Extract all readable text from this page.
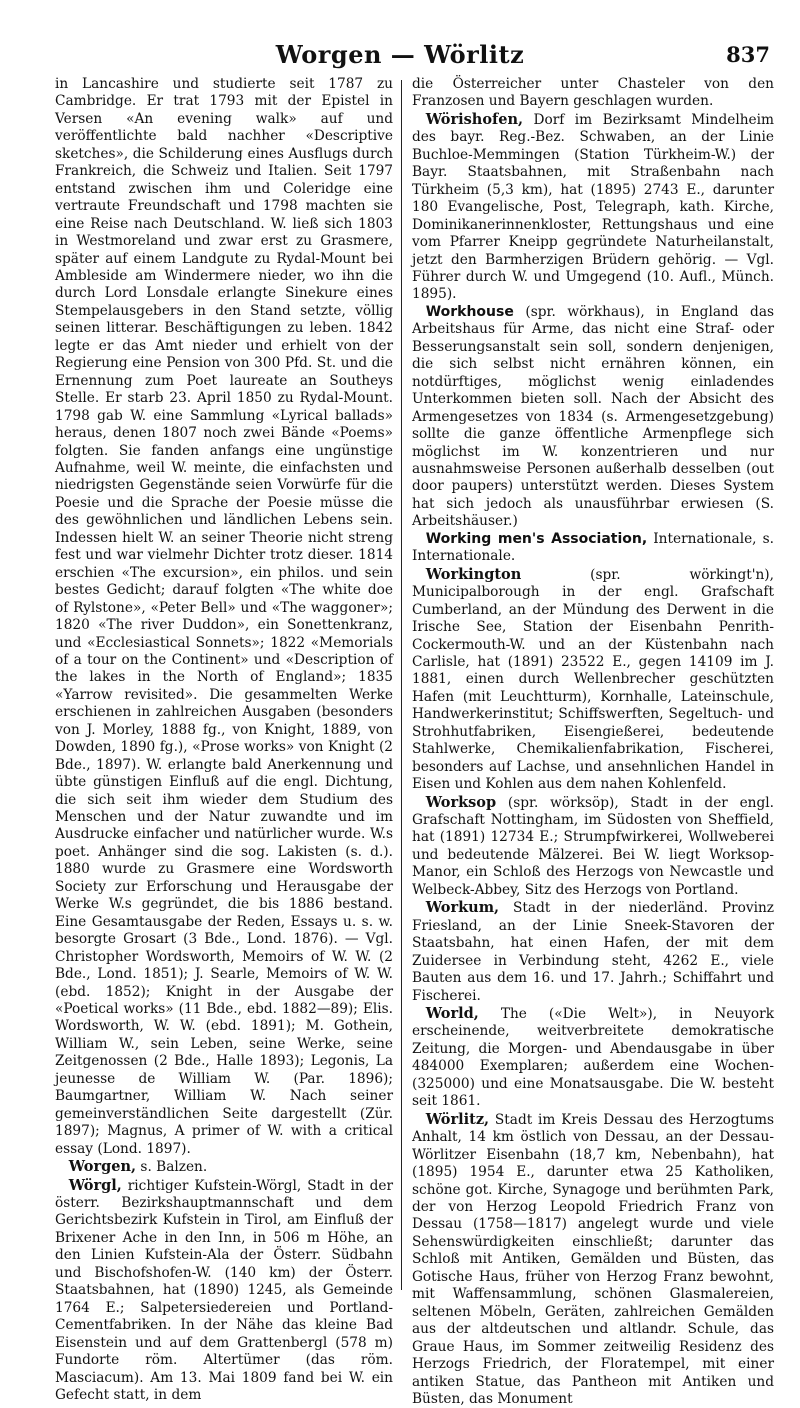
Worgen — Wörlitz	837

in Lancashire und studierte seit 1787 zu Cambridge. Er trat 1793 mit der Epistel in Versen «An evening walk» auf und veröffentlichte bald nachher «Descriptive sketches», die Schilderung eines Ausflugs durch Frankreich, die Schweiz und Italien. Seit 1797 entstand zwischen ihm und Coleridge eine vertraute Freundschaft und 1798 machten sie eine Reise nach Deutschland. W. ließ sich 1803 in Westmoreland und zwar erst zu Grasmere, später auf einem Landgute zu Rydal-Mount bei Ambleside am Windermere nieder, wo ihn die durch Lord Lonsdale erlangte Sinekure eines Stempelausgebers in den Stand setzte, völlig seinen litterar. Beschäftigungen zu leben. 1842 legte er das Amt nieder und erhielt von der Regierung eine Pension von 300 Pfd. St. und die Ernennung zum Poet laureate an Southeys Stelle. Er starb 23. April 1850 zu Rydal-Mount. 1798 gab W. eine Sammlung «Lyrical ballads» heraus, denen 1807 noch zwei Bände «Poems» folgten. Sie fanden anfangs eine ungünstige Aufnahme, weil W. meinte, die einfachsten und niedrigsten Gegenstände seien Vorwürfe für die Poesie und die Sprache der Poesie müsse die des gewöhnlichen und ländlichen Lebens sein. Indessen hielt W. an seiner Theorie nicht streng fest und war vielmehr Dichter trotz dieser. 1814 erschien «The excursion», ein philos. und sein bestes Gedicht; darauf folgten «The white doe of Rylstone», «Peter Bell» und «The waggoner»; 1820 «The river Duddon», ein Sonettenkranz, und «Ecclesiastical Sonnets»; 1822 «Memorials of a tour on the Continent» und «Description of the lakes in the North of England»; 1835 «Yarrow revisited». Die gesammelten Werke erschienen in zahlreichen Ausgaben (besonders von J. Morley, 1888 fg., von Knight, 1889, von Dowden, 1890 fg.), «Prose works» von Knight (2 Bde., 1897). W. erlangte bald Anerkennung und übte günstigen Einfluß auf die engl. Dichtung, die sich seit ihm wieder dem Studium des Menschen und der Natur zuwandte und im Ausdrucke einfacher und natürlicher wurde. W.s poet. Anhänger sind die sog. Lakisten (s. d.). 1880 wurde zu Grasmere eine Wordsworth Society zur Erforschung und Herausgabe der Werke W.s gegründet, die bis 1886 bestand. Eine Gesamtausgabe der Reden, Essays u. s. w. besorgte Grosart (3 Bde., Lond. 1876). — Vgl. Christopher Wordsworth, Memoirs of W. W. (2 Bde., Lond. 1851); J. Searle, Memoirs of W. W. (ebd. 1852); Knight in der Ausgabe der «Poetical works» (11 Bde., ebd. 1882—89); Elis. Wordsworth, W. W. (ebd. 1891); M. Gothein, William W., sein Leben, seine Werke, seine Zeitgenossen (2 Bde., Halle 1893); Legonis, La jeunesse de William W. (Par. 1896); Baumgartner, William W. Nach seiner gemeinverständlichen Seite dargestellt (Zür. 1897); Magnus, A primer of W. with a critical essay (Lond. 1897).

Worgen, s. Balzen.

Wörgl, richtiger Kufstein-Wörgl, Stadt in der österr. Bezirkshauptmannschaft und dem Gerichtsbezirk Kufstein in Tirol, am Einfluß der Brixener Ache in den Inn, in 506 m Höhe, an den Linien Kufstein-Ala der Österr. Südbahn und Bischofshofen-W. (140 km) der Österr. Staatsbahnen, hat (1890) 1245, als Gemeinde 1764 E.; Salpetersiedereien und Portland-Cementfabriken. In der Nähe das kleine Bad Eisenstein und auf dem Grattenbergl (578 m) Fundorte röm. Altertümer (das röm. Masciacum). Am 13. Mai 1809 fand bei W. ein Gefecht statt, in dem

die Österreicher unter Chasteler von den Franzosen und Bayern geschlagen wurden.

Wörishofen, Dorf im Bezirksamt Mindelheim des bayr. Reg.-Bez. Schwaben, an der Linie Buchloe-Memmingen (Station Türkheim-W.) der Bayr. Staatsbahnen, mit Straßenbahn nach Türkheim (5,3 km), hat (1895) 2743 E., darunter 180 Evangelische, Post, Telegraph, kath. Kirche, Dominikanerinnenkloster, Rettungshaus und eine vom Pfarrer Kneipp gegründete Naturheilanstalt, jetzt den Barmherzigen Brüdern gehörig. — Vgl. Führer durch W. und Umgegend (10. Aufl., Münch. 1895).

Workhouse (spr. wörkhaus), in England das Arbeitshaus für Arme, das nicht eine Straf- oder Besserungsanstalt sein soll, sondern denjenigen, die sich selbst nicht ernähren können, ein notdürftiges, möglichst wenig einladendes Unterkommen bieten soll. Nach der Absicht des Armengesetzes von 1834 (s. Armengesetzgebung) sollte die ganze öffentliche Armenpflege sich möglichst im W. konzentrieren und nur ausnahmsweise Personen außerhalb desselben (out door paupers) unterstützt werden. Dieses System hat sich jedoch als unausführbar erwiesen (S. Arbeitshäuser.)

Working men's Association, Internationale, s. Internationale.

Workington	(spr. wörkingt'n), Municipalborough in der engl. Grafschaft Cumberland, an der Mündung des Derwent in die Irische See, Station der Eisenbahn Penrith-Cockermouth-W. und an der Küstenbahn nach Carlisle, hat (1891) 23522 E., gegen 14109 im J. 1881, einen durch Wellenbrecher geschützten Hafen (mit Leuchtturm), Kornhalle, Lateinschule, Handwerkerinstitut; Schiffswerften, Segeltuch- und Strohhutfabriken, Eisengießerei, bedeutende Stahlwerke, Chemikalienfabrikation, Fischerei, besonders auf Lachse, und ansehnlichen Handel in Eisen und Kohlen aus dem nahen Kohlenfeld.

Worksop (spr. wörksöp), Stadt in der engl. Grafschaft Nottingham, im Südosten von Sheffield, hat (1891) 12734 E.; Strumpfwirkerei, Wollweberei und bedeutende Mälzerei. Bei W. liegt Worksop-Manor, ein Schloß des Herzogs von Newcastle und Welbeck-Abbey, Sitz des Herzogs von Portland.

Workum, Stadt in der niederländ. Provinz Friesland, an der Linie Sneek-Stavoren der Staatsbahn, hat einen Hafen, der mit dem Zuidersee in Verbindung steht, 4262 E., viele Bauten aus dem 16. und 17. Jahrh.; Schiffahrt und Fischerei.

World, The («Die Welt»), in Neuyork erscheinende, weitverbreitete demokratische Zeitung, die Morgen- und Abendausgabe in über 484000 Exemplaren; außerdem eine Wochen- (325000) und eine Monatsausgabe. Die W. besteht seit 1861.

Wörlitz, Stadt im Kreis Dessau des Herzogtums Anhalt, 14 km östlich von Dessau, an der Dessau-Wörlitzer Eisenbahn (18,7 km, Nebenbahn), hat (1895) 1954 E., darunter etwa 25 Katholiken, schöne got. Kirche, Synagoge und berühmten Park, der von Herzog Leopold Friedrich Franz von Dessau (1758—1817) angelegt wurde und viele Sehenswürdigkeiten einschließt; darunter das Schloß mit Antiken, Gemälden und Büsten, das Gotische Haus, früher von Herzog Franz bewohnt, mit Waffensammlung, schönen Glasmalereien, seltenen Möbeln, Geräten, zahlreichen Gemälden aus der altdeutschen und altlandr. Schule, das Graue Haus, im Sommer zeitweilig Residenz des Herzogs Friedrich, der Floratempel, mit einer antiken Statue, das Pantheon mit Antiken und Büsten, das Monument
